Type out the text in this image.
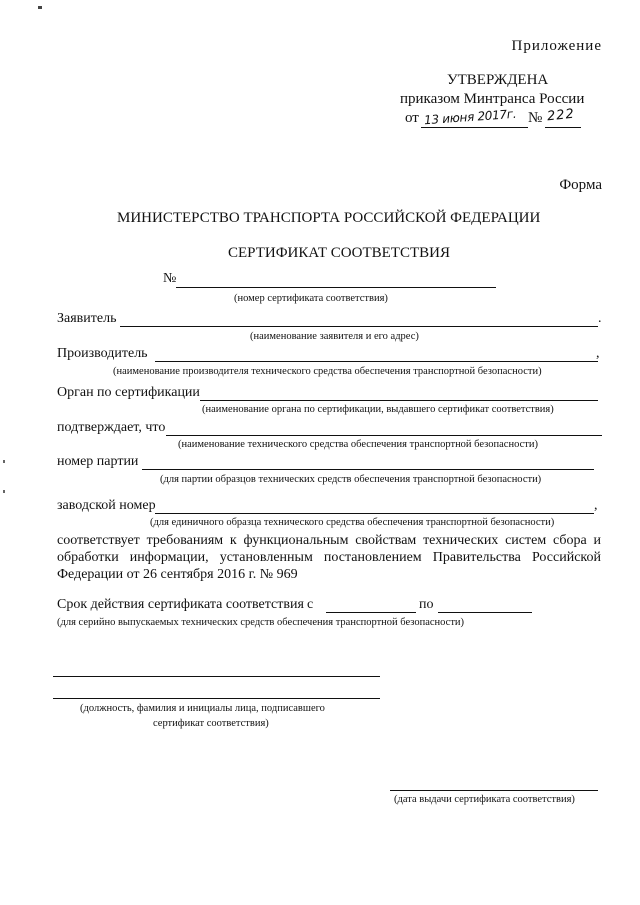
Приложение
УТВЕРЖДЕНА
приказом Минтранса России
от 13 июня 2017г. № 222
Форма
МИНИСТЕРСТВО ТРАНСПОРТА РОССИЙСКОЙ ФЕДЕРАЦИИ
СЕРТИФИКАТ СООТВЕТСТВИЯ
№
(номер сертификата соответствия)
Заявитель	.
(наименование заявителя и его адрес)
Производитель	,
(наименование производителя технического средства обеспечения транспортной безопасности)
Орган по сертификации
(наименование органа по сертификации, выдавшего сертификат соответствия)
подтверждает, что
(наименование технического средства обеспечения транспортной безопасности)
номер партии
(для партии образцов технических средств обеспечения транспортной безопасности)
заводской номер	,
(для единичного образца технического средства обеспечения транспортной безопасности)
соответствует требованиям к функциональным свойствам технических систем сбора и обработки информации, установленным постановлением Правительства Российской Федерации от 26 сентября 2016 г. № 969
Срок действия сертификата соответствия с	по
(для серийно выпускаемых технических средств обеспечения транспортной безопасности)
(должность, фамилия и инициалы лица, подписавшего
сертификат соответствия)
(дата выдачи сертификата соответствия)
